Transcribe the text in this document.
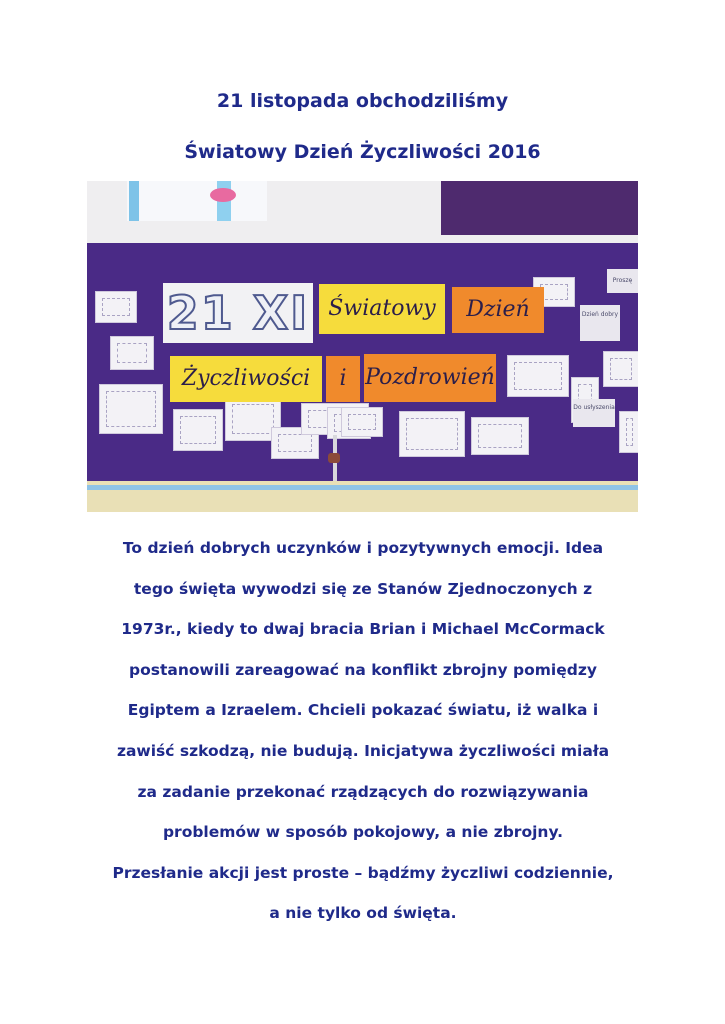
21 listopada obchodziliśmy
Światowy Dzień Życzliwości 2016
21 XI Światowy	Dzień
Życzliwości	i Pozdrowień
Dzień dobry
Do usłyszenia
Proszę
To dzień dobrych uczynków i pozytywnych emocji. Idea
tego święta wywodzi się ze Stanów Zjednoczonych z
1973r., kiedy to dwaj bracia Brian i Michael McCormack
postanowili zareagować na konflikt zbrojny pomiędzy
Egiptem a Izraelem. Chcieli pokazać światu, iż walka i
zawiść szkodzą, nie budują. Inicjatywa życzliwości miała
za zadanie przekonać rządzących do rozwiązywania
problemów w sposób pokojowy, a nie zbrojny.
Przesłanie akcji jest proste – bądźmy życzliwi codziennie,
a nie tylko od święta.
